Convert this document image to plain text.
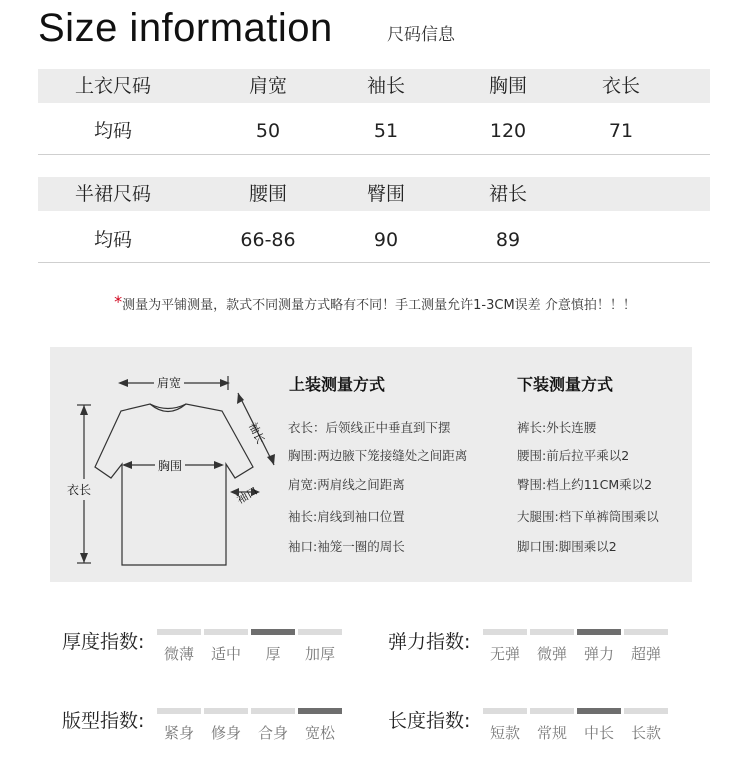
Size information	尺码信息
上衣尺码	肩宽	袖长	胸围	衣长
均码	50	51	120	71
半裙尺码	腰围	臀围	裙长
均码	66-86	90	89
*测量为平铺测量，款式不同测量方式略有不同！手工测量允许1-3CM误差 介意慎拍！！！
肩宽
胸围
衣长
袖长
袖口
上装测量方式
衣长：后领线正中垂直到下摆
胸围:两边腋下笼接缝处之间距离
肩宽:两肩线之间距离
袖长:肩线到袖口位置
袖口:袖笼一圈的周长
下装测量方式
裤长:外长连腰
腰围:前后拉平乘以2
臀围:档上约11CM乘以2
大腿围:档下单裤筒围乘以
脚口围:脚围乘以2
厚度指数:
微薄	适中	厚	加厚
弹力指数:
无弹	微弹	弹力	超弹
版型指数:
紧身	修身	合身	宽松
长度指数:
短款	常规	中长	长款
